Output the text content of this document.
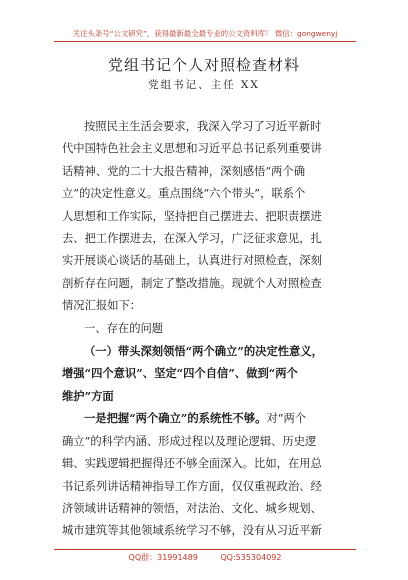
关注头条号“公文研究”，获得最新最全最专业的公文资料库！ 微信：gongwenyj
党组书记个人对照检查材料
党组书记、主任 XX

按照民主生活会要求，我深入学习了习近平新时
代中国特色社会主义思想和习近平总书记系列重要讲
话精神、党的二十大报告精神，深刻感悟“两个确
立”的决定性意义。重点围绕“六个带头”，联系个
人思想和工作实际，坚持把自己摆进去、把职责摆进
去、把工作摆进去，在深入学习，广泛征求意见，扎
实开展谈心谈话的基础上，认真进行对照检查，深刻
剖析存在问题，制定了整改措施。现就个人对照检查
情况汇报如下：

一、存在的问题

（一）带头深刻领悟“两个确立”的决定性意义，
增强“四个意识”、坚定“四个自信”、做到“两个
维护”方面

一是把握“两个确立”的系统性不够。对“两个
确立”的科学内涵、形成过程以及理论逻辑、历史逻
辑、实践逻辑把握得还不够全面深入。比如，在用总
书记系列讲话精神指导工作方面，仅仅重视政治、经
济领域讲话精神的领悟，对法治、文化、城乡规划、
城市建筑等其他领域系统学习不够，没有从习近平新

QQ群：31991489	QQ:535304092
